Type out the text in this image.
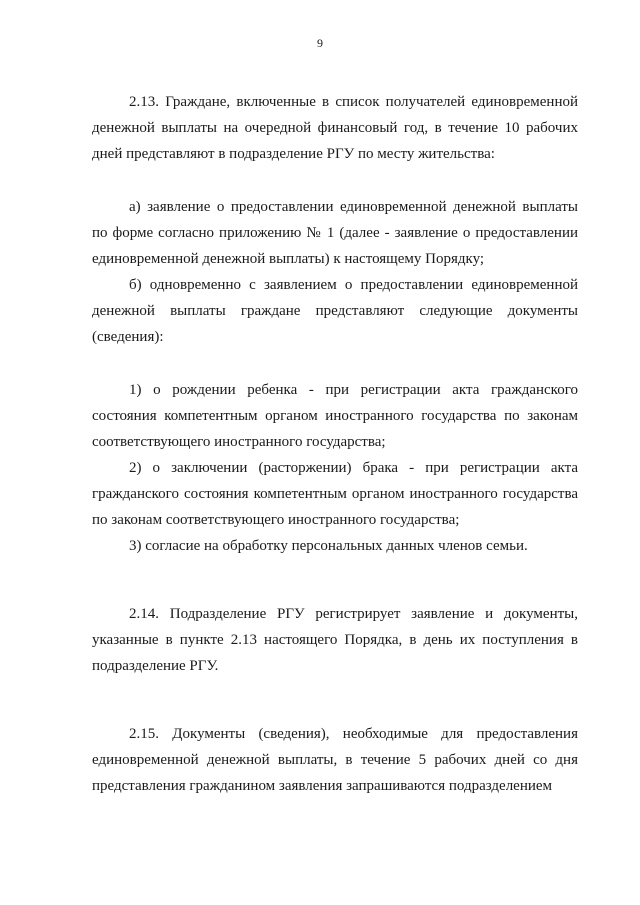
9

2.13. Граждане, включенные в список получателей единовременной денежной выплаты на очередной финансовый год, в течение 10 рабочих дней представляют в подразделение РГУ по месту жительства:

а) заявление о предоставлении единовременной денежной выплаты по форме согласно приложению № 1 (далее - заявление о предоставлении единовременной денежной выплаты) к настоящему Порядку;

б) одновременно с заявлением о предоставлении единовременной денежной выплаты граждане представляют следующие документы (сведения):

1) о рождении ребенка - при регистрации акта гражданского состояния компетентным органом иностранного государства по законам соответствующего иностранного государства;

2) о заключении (расторжении) брака - при регистрации акта гражданского состояния компетентным органом иностранного государства по законам соответствующего иностранного государства;

3) согласие на обработку персональных данных членов семьи.

2.14. Подразделение РГУ регистрирует заявление и документы, указанные в пункте 2.13 настоящего Порядка, в день их поступления в подразделение РГУ.

2.15. Документы (сведения), необходимые для предоставления единовременной денежной выплаты, в течение 5 рабочих дней со дня представления гражданином заявления запрашиваются подразделением
